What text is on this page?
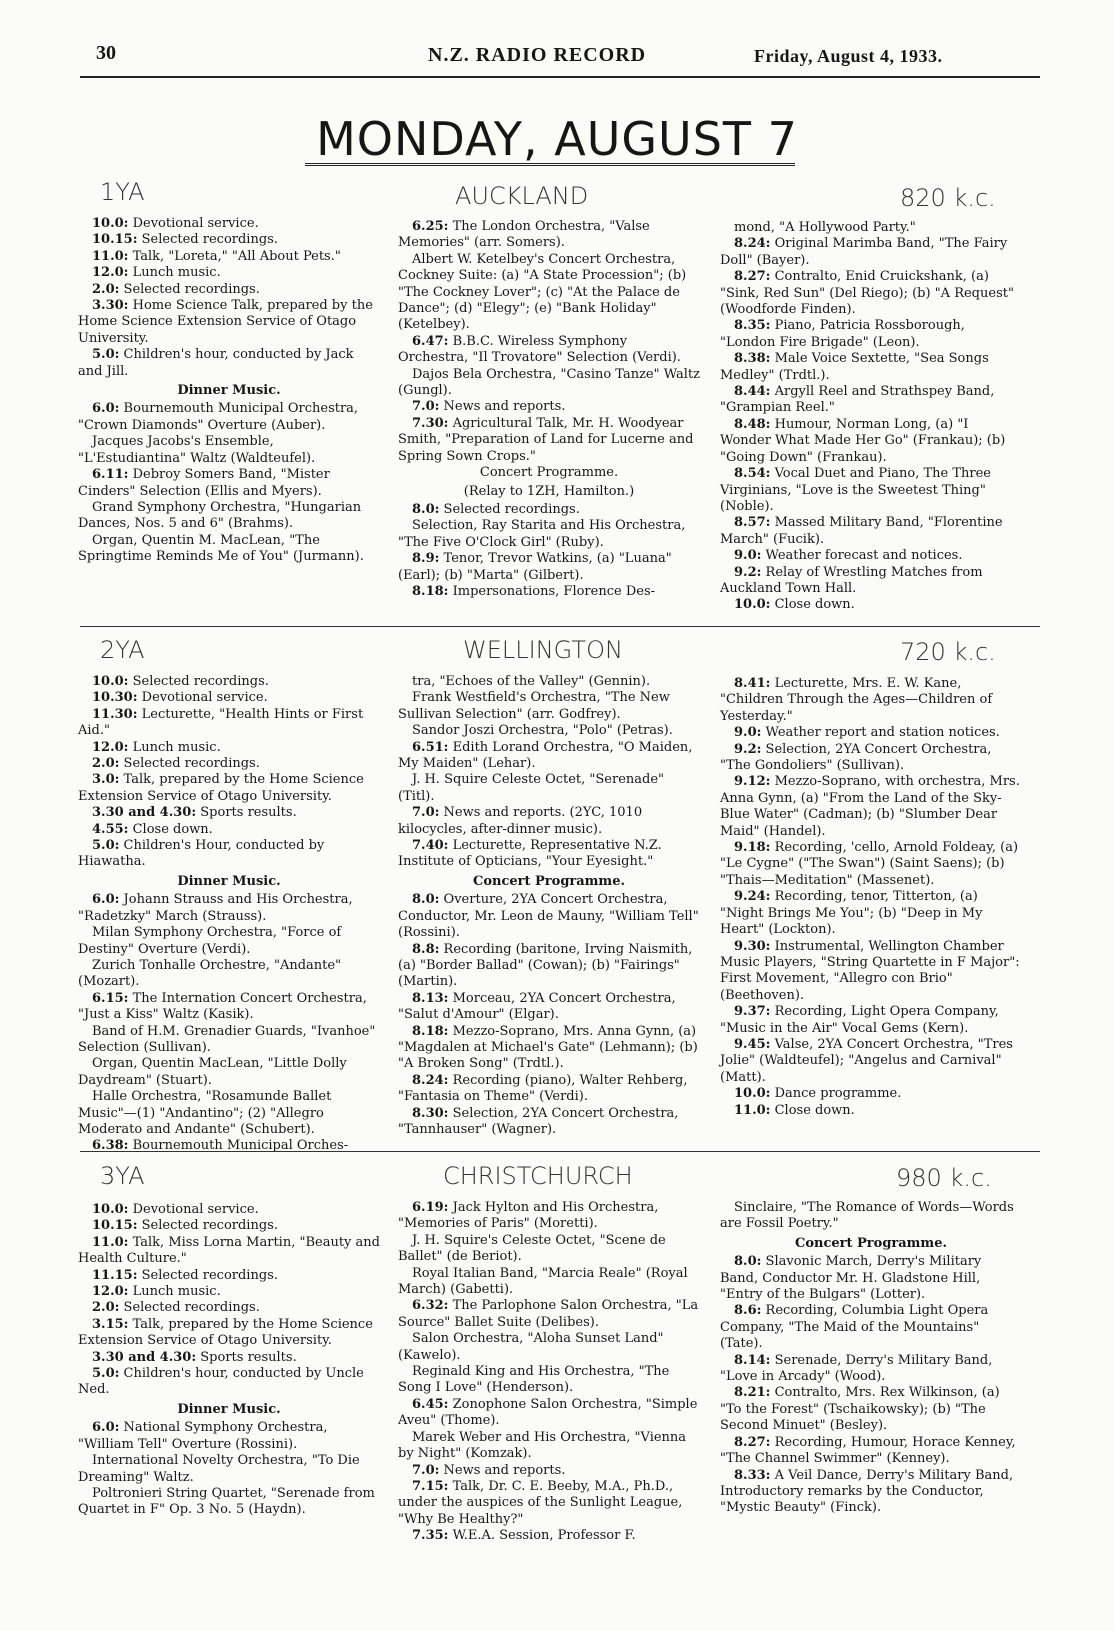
30	N.Z. RADIO RECORD	Friday, August 4, 1933.
MONDAY, AUGUST 7
1YA	AUCKLAND	820 k.c.

10.0: Devotional service.

10.15: Selected recordings.

11.0: Talk, "Loreta," "All About Pets."

12.0: Lunch music.

2.0: Selected recordings.

3.30: Home Science Talk, prepared by the Home Science Extension Service of Otago University.

5.0: Children's hour, conducted by Jack and Jill.

Dinner Music.

6.0: Bournemouth Municipal Orchestra, "Crown Diamonds" Overture (Auber).

Jacques Jacobs's Ensemble, "L'Estudiantina" Waltz (Waldteufel).

6.11: Debroy Somers Band, "Mister Cinders" Selection (Ellis and Myers).

Grand Symphony Orchestra, "Hungarian Dances, Nos. 5 and 6" (Brahms).

Organ, Quentin M. MacLean, "The Springtime Reminds Me of You" (Jurmann).

6.25: The London Orchestra, "Valse Memories" (arr. Somers).

Albert W. Ketelbey's Concert Orchestra, Cockney Suite: (a) "A State Procession"; (b) "The Cockney Lover"; (c) "At the Palace de Dance"; (d) "Elegy"; (e) "Bank Holiday" (Ketelbey).

6.47: B.B.C. Wireless Symphony Orchestra, "Il Trovatore" Selection (Verdi).

Dajos Bela Orchestra, "Casino Tanze" Waltz (Gungl).

7.0: News and reports.

7.30: Agricultural Talk, Mr. H. Woodyear Smith, "Preparation of Land for Lucerne and Spring Sown Crops."

Concert Programme.

(Relay to 1ZH, Hamilton.)

8.0: Selected recordings.

Selection, Ray Starita and His Orchestra, "The Five O'Clock Girl" (Ruby).

8.9: Tenor, Trevor Watkins, (a) "Luana" (Earl); (b) "Marta" (Gilbert).

8.18: Impersonations, Florence Des-

mond, "A Hollywood Party."

8.24: Original Marimba Band, "The Fairy Doll" (Bayer).

8.27: Contralto, Enid Cruickshank, (a) "Sink, Red Sun" (Del Riego); (b) "A Request" (Woodforde Finden).

8.35: Piano, Patricia Rossborough, "London Fire Brigade" (Leon).

8.38: Male Voice Sextette, "Sea Songs Medley" (Trdtl.).

8.44: Argyll Reel and Strathspey Band, "Grampian Reel."

8.48: Humour, Norman Long, (a) "I Wonder What Made Her Go" (Frankau); (b) "Going Down" (Frankau).

8.54: Vocal Duet and Piano, The Three Virginians, "Love is the Sweetest Thing" (Noble).

8.57: Massed Military Band, "Florentine March" (Fucik).

9.0: Weather forecast and notices.

9.2: Relay of Wrestling Matches from Auckland Town Hall.

10.0: Close down.

2YA	WELLINGTON	720 k.c.

10.0: Selected recordings.

10.30: Devotional service.

11.30: Lecturette, "Health Hints or First Aid."

12.0: Lunch music.

2.0: Selected recordings.

3.0: Talk, prepared by the Home Science Extension Service of Otago University.

3.30 and 4.30: Sports results.

4.55: Close down.

5.0: Children's Hour, conducted by Hiawatha.

Dinner Music.

6.0: Johann Strauss and His Orchestra, "Radetzky" March (Strauss).

Milan Symphony Orchestra, "Force of Destiny" Overture (Verdi).

Zurich Tonhalle Orchestre, "Andante" (Mozart).

6.15: The Internation Concert Orchestra, "Just a Kiss" Waltz (Kasik).

Band of H.M. Grenadier Guards, "Ivanhoe" Selection (Sullivan).

Organ, Quentin MacLean, "Little Dolly Daydream" (Stuart).

Halle Orchestra, "Rosamunde Ballet Music"—(1) "Andantino"; (2) "Allegro Moderato and Andante" (Schubert).

6.38: Bournemouth Municipal Orches-

tra, "Echoes of the Valley" (Gennin).

Frank Westfield's Orchestra, "The New Sullivan Selection" (arr. Godfrey).

Sandor Joszi Orchestra, "Polo" (Petras).

6.51: Edith Lorand Orchestra, "O Maiden, My Maiden" (Lehar).

J. H. Squire Celeste Octet, "Serenade" (Titl).

7.0: News and reports. (2YC, 1010 kilocycles, after-dinner music).

7.40: Lecturette, Representative N.Z. Institute of Opticians, "Your Eyesight."

Concert Programme.

8.0: Overture, 2YA Concert Orchestra, Conductor, Mr. Leon de Mauny, "William Tell" (Rossini).

8.8: Recording (baritone, Irving Naismith, (a) "Border Ballad" (Cowan); (b) "Fairings" (Martin).

8.13: Morceau, 2YA Concert Orchestra, "Salut d'Amour" (Elgar).

8.18: Mezzo-Soprano, Mrs. Anna Gynn, (a) "Magdalen at Michael's Gate" (Lehmann); (b) "A Broken Song" (Trdtl.).

8.24: Recording (piano), Walter Rehberg, "Fantasia on Theme" (Verdi).

8.30: Selection, 2YA Concert Orchestra, "Tannhauser" (Wagner).

8.41: Lecturette, Mrs. E. W. Kane, "Children Through the Ages—Children of Yesterday."

9.0: Weather report and station notices.

9.2: Selection, 2YA Concert Orchestra, "The Gondoliers" (Sullivan).

9.12: Mezzo-Soprano, with orchestra, Mrs. Anna Gynn, (a) "From the Land of the Sky-Blue Water" (Cadman); (b) "Slumber Dear Maid" (Handel).

9.18: Recording, 'cello, Arnold Foldeay, (a) "Le Cygne" ("The Swan") (Saint Saens); (b) "Thais—Meditation" (Massenet).

9.24: Recording, tenor, Titterton, (a) "Night Brings Me You"; (b) "Deep in My Heart" (Lockton).

9.30: Instrumental, Wellington Chamber Music Players, "String Quartette in F Major": First Movement, "Allegro con Brio" (Beethoven).

9.37: Recording, Light Opera Company, "Music in the Air" Vocal Gems (Kern).

9.45: Valse, 2YA Concert Orchestra, "Tres Jolie" (Waldteufel); "Angelus and Carnival" (Matt).

10.0: Dance programme.

11.0: Close down.

3YA	CHRISTCHURCH	980 k.c.

10.0: Devotional service.

10.15: Selected recordings.

11.0: Talk, Miss Lorna Martin, "Beauty and Health Culture."

11.15: Selected recordings.

12.0: Lunch music.

2.0: Selected recordings.

3.15: Talk, prepared by the Home Science Extension Service of Otago University.

3.30 and 4.30: Sports results.

5.0: Children's hour, conducted by Uncle Ned.

Dinner Music.

6.0: National Symphony Orchestra, "William Tell" Overture (Rossini).

International Novelty Orchestra, "To Die Dreaming" Waltz.

Poltronieri String Quartet, "Serenade from Quartet in F" Op. 3 No. 5 (Haydn).

6.19: Jack Hylton and His Orchestra, "Memories of Paris" (Moretti).

J. H. Squire's Celeste Octet, "Scene de Ballet" (de Beriot).

Royal Italian Band, "Marcia Reale" (Royal March) (Gabetti).

6.32: The Parlophone Salon Orchestra, "La Source" Ballet Suite (Delibes).

Salon Orchestra, "Aloha Sunset Land" (Kawelo).

Reginald King and His Orchestra, "The Song I Love" (Henderson).

6.45: Zonophone Salon Orchestra, "Simple Aveu" (Thome).

Marek Weber and His Orchestra, "Vienna by Night" (Komzak).

7.0: News and reports.

7.15: Talk, Dr. C. E. Beeby, M.A., Ph.D., under the auspices of the Sunlight League, "Why Be Healthy?"

7.35: W.E.A. Session, Professor F.

Sinclaire, "The Romance of Words—Words are Fossil Poetry."

Concert Programme.

8.0: Slavonic March, Derry's Military Band, Conductor Mr. H. Gladstone Hill, "Entry of the Bulgars" (Lotter).

8.6: Recording, Columbia Light Opera Company, "The Maid of the Mountains" (Tate).

8.14: Serenade, Derry's Military Band, "Love in Arcady" (Wood).

8.21: Contralto, Mrs. Rex Wilkinson, (a) "To the Forest" (Tschaikowsky); (b) "The Second Minuet" (Besley).

8.27: Recording, Humour, Horace Kenney, "The Channel Swimmer" (Kenney).

8.33: A Veil Dance, Derry's Military Band, Introductory remarks by the Conductor, "Mystic Beauty" (Finck).
